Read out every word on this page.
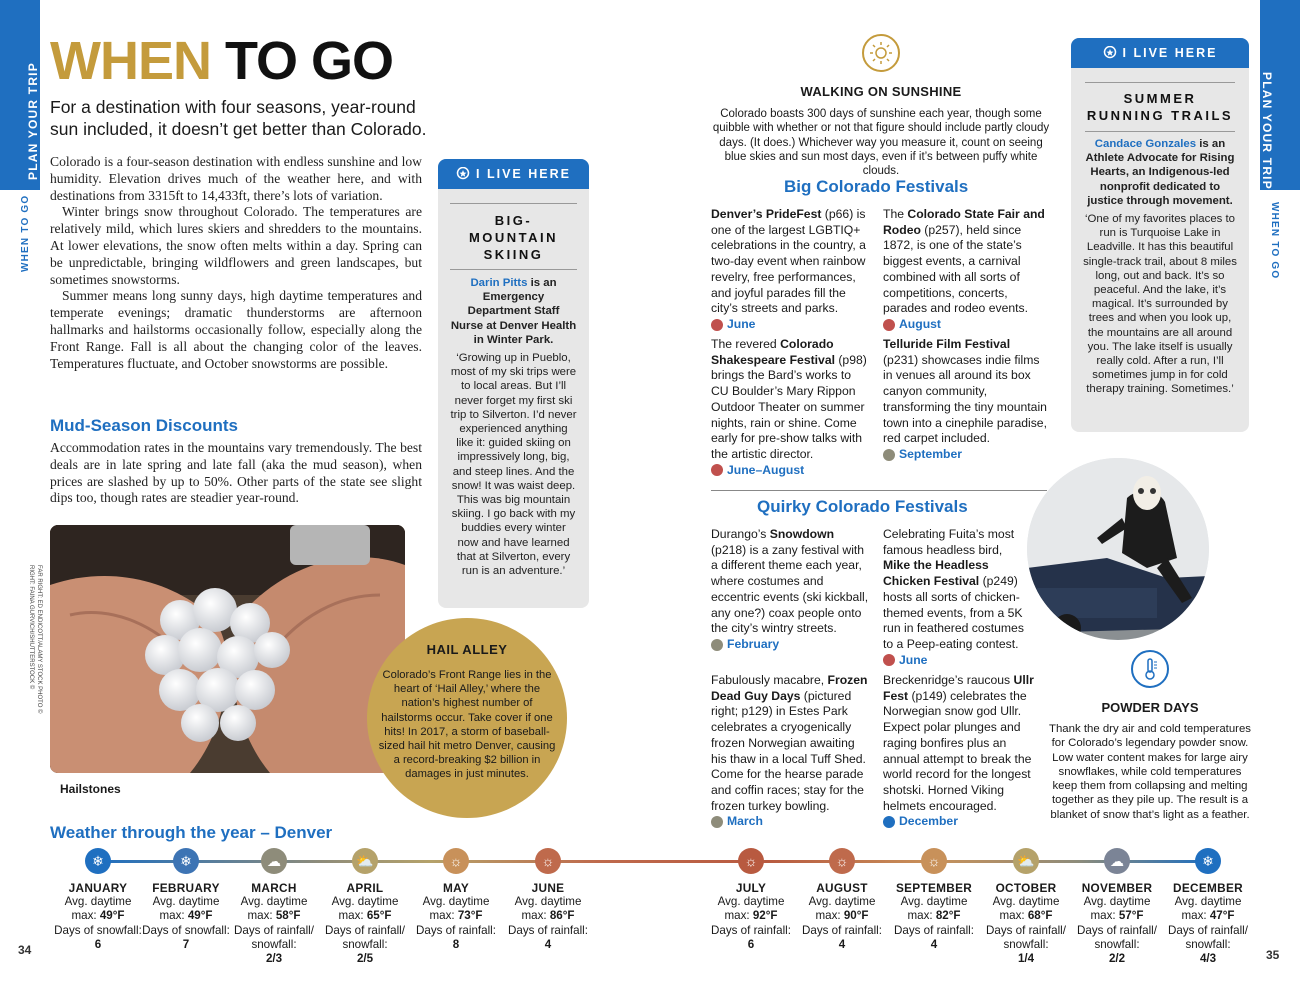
PLAN YOUR TRIP
WHEN TO GO
PLAN YOUR TRIP
WHEN TO GO
WHEN TO GO
For a destination with four seasons, year-round sun included, it doesn’t get better than Colorado.

Colorado is a four-season destination with endless sunshine and low humidity. Elevation drives much of the weather here, and with destinations from 3315ft to 14,433ft, there’s lots of variation.

Winter brings snow throughout Colorado. The temperatures are relatively mild, which lures skiers and shredders to the mountains. At lower elevations, the snow often melts within a day. Spring can be unpredictable, bringing wildflowers and green landscapes, but sometimes snowstorms.

Summer means long sunny days, high daytime temperatures and temperate evenings; dramatic thunderstorms are afternoon hallmarks and hailstorms occasionally follow, especially along the Front Range. Fall is all about the changing color of the leaves. Temperatures fluctuate, and October snowstorms are possible.

Mud-Season Discounts

Accommodation rates in the mountains vary tremendously. The best deals are in late spring and late fall (aka the mud season), when prices are slashed by up to 50%. Other parts of the state see slight dips too, though rates are steadier year-round.

RIGHT: FAINA GURVICH/SHUTTERSTOCK © FAR RIGHT: ED ENDICOTT/ALAMY STOCK PHOTO ©
Hailstones
I LIVE HERE
BIG-
MOUNTAIN
SKIING
Darin Pitts is an Emergency Department Staff Nurse at Denver Health in Winter Park.
‘Growing up in Pueblo, most of my ski trips were to local areas. But I’ll never forget my first ski trip to Silverton. I’d never experienced anything like it: guided skiing on impressively long, big, and steep lines. And the snow! It was waist deep. This was big mountain skiing. I go back with my buddies every winter now and have learned that at Silverton, every run is an adventure.’
HAIL ALLEY
Colorado’s Front Range lies in the heart of ‘Hail Alley,’ where the nation’s highest number of hailstorms occur. Take cover if one hits! In 2017, a storm of baseball-sized hail hit metro Denver, causing a record-breaking $2 billion in damages in just minutes.
WALKING ON SUNSHINE
Colorado boasts 300 days of sunshine each year, though some quibble with whether or not that figure should include partly cloudy days. (It does.) Whichever way you measure it, count on seeing blue skies and sun most days, even if it’s between puffy white clouds.
I LIVE HERE
SUMMER
RUNNING TRAILS
Candace Gonzales is an Athlete Advocate for Rising Hearts, an Indigenous-led nonprofit dedicated to justice through movement.
‘One of my favorites places to run is Turquoise Lake in Leadville. It has this beautiful single-track trail, about 8 miles long, out and back. It’s so peaceful. And the lake, it’s magical. It’s surrounded by trees and when you look up, the mountains are all around you. The lake itself is usually really cold. After a run, I’ll sometimes jump in for cold therapy training. Sometimes.’
Big Colorado Festivals
Denver’s PrideFest (p66) is one of the largest LGBTIQ+ celebrations in the country, a two-day event when rainbow revelry, free performances, and joyful parades fill the city’s streets and parks.
June
The Colorado State Fair and Rodeo (p257), held since 1872, is one of the state’s biggest events, a carnival combined with all sorts of competitions, concerts, parades and rodeo events.
August
The revered Colorado Shakespeare Festival (p98) brings the Bard’s works to CU Boulder’s Mary Rippon Outdoor Theater on summer nights, rain or shine. Come early for pre-show talks with the artistic director.
June–August
Telluride Film Festival (p231) showcases indie films in venues all around its box canyon community, transforming the tiny mountain town into a cinephile paradise, red carpet included.
September
Quirky Colorado Festivals
Durango’s Snowdown (p218) is a zany festival with a different theme each year, where costumes and eccentric events (ski kickball, any one?) coax people onto the city’s wintry streets.
February
Celebrating Fuita’s most famous headless bird, Mike the Headless Chicken Festival (p249) hosts all sorts of chicken-themed events, from a 5K run in feathered costumes to a Peep-eating contest.
June
Fabulously macabre, Frozen Dead Guy Days (pictured right; p129) in Estes Park celebrates a cryogenically frozen Norwegian awaiting his thaw in a local Tuff Shed. Come for the hearse parade and coffin races; stay for the frozen turkey bowling.
March
Breckenridge’s raucous Ullr Fest (p149) celebrates the Norwegian snow god Ullr. Expect polar plunges and raging bonfires plus an annual attempt to break the world record for the longest shotski. Horned Viking helmets encouraged.
December
POWDER DAYS
Thank the dry air and cold temperatures for Colorado’s legendary powder snow. Low water content makes for large airy snowflakes, while cold temperatures keep them from collapsing and melting together as they pile up. The result is a blanket of snow that’s light as a feather.
Weather through the year – Denver
❄
JANUARY
Avg. daytime
max: 49°F
Days of snowfall:
6
❄
FEBRUARY
Avg. daytime
max: 49°F
Days of snowfall:
7
☁
MARCH
Avg. daytime
max: 58°F
Days of rainfall/ snowfall:
2/3
⛅
APRIL
Avg. daytime
max: 65°F
Days of rainfall/ snowfall:
2/5
☼
MAY
Avg. daytime
max: 73°F
Days of rainfall:
8
☼
JUNE
Avg. daytime
max: 86°F
Days of rainfall:
4
☼
JULY
Avg. daytime
max: 92°F
Days of rainfall:
6
☼
AUGUST
Avg. daytime
max: 90°F
Days of rainfall:
4
☼
SEPTEMBER
Avg. daytime
max: 82°F
Days of rainfall:
4
⛅
OCTOBER
Avg. daytime
max: 68°F
Days of rainfall/ snowfall:
1/4
☁
NOVEMBER
Avg. daytime
max: 57°F
Days of rainfall/ snowfall:
2/2
❄
DECEMBER
Avg. daytime
max: 47°F
Days of rainfall/ snowfall:
4/3
34	35
